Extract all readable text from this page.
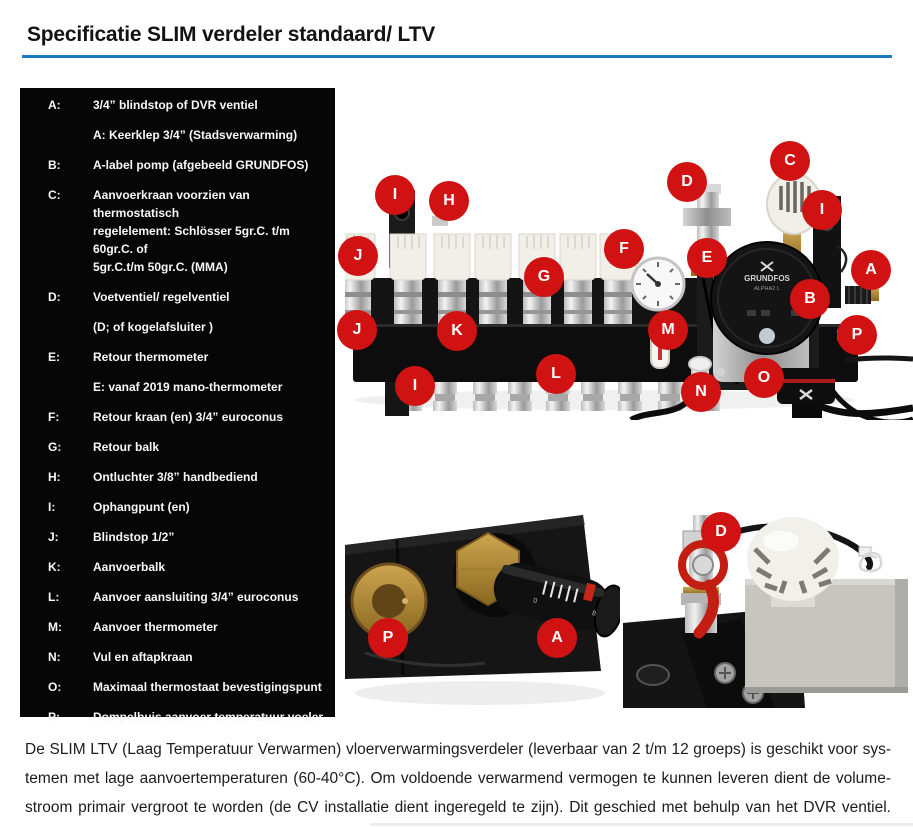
Specificatie SLIM verdeler standaard/ LTV
A:	3/4” blindstop of DVR ventiel
A: Keerklep 3/4” (Stadsverwarming)
B:	A-label pomp (afgebeeld GRUNDFOS)
C:	Aanvoerkraan voorzien van thermostatisch
regelelement: Schlösser 5gr.C. t/m 60gr.C. of
5gr.C.t/m 50gr.C. (MMA)
D:	Voetventiel/ regelventiel
(D; of kogelafsluiter )
E:	Retour thermometer
E: vanaf 2019 mano-thermometer
F:	Retour kraan (en) 3/4” euroconus
G:	Retour balk
H:	Ontluchter 3/8” handbediend
I:	Ophangpunt (en)
J:	Blindstop 1/2”
K:	Aanvoerbalk
L:	Aanvoer aansluiting 3/4” euroconus
M:	Aanvoer thermometer
N:	Vul en aftapkraan
O:	Maximaal thermostaat bevestigingspunt
P:	Dompelbuis aanvoer temperatuur voeler
GRUNDFOS
ALPHA2 L
I	H
J
G
F
J	K
I
L
D
C
I
E
A
B
M	P
O
N
0
8
P	A
D
De SLIM LTV (Laag Temperatuur Verwarmen) vloerverwarmingsverdeler (leverbaar van 2 t/m 12 groeps) is geschikt voor sys-
temen met lage aanvoertemperaturen (60-40°C). Om voldoende verwarmend vermogen te kunnen leveren dient de volume-
stroom primair vergroot te worden (de CV installatie dient ingeregeld te zijn). Dit geschied met behulp van het DVR ventiel.
